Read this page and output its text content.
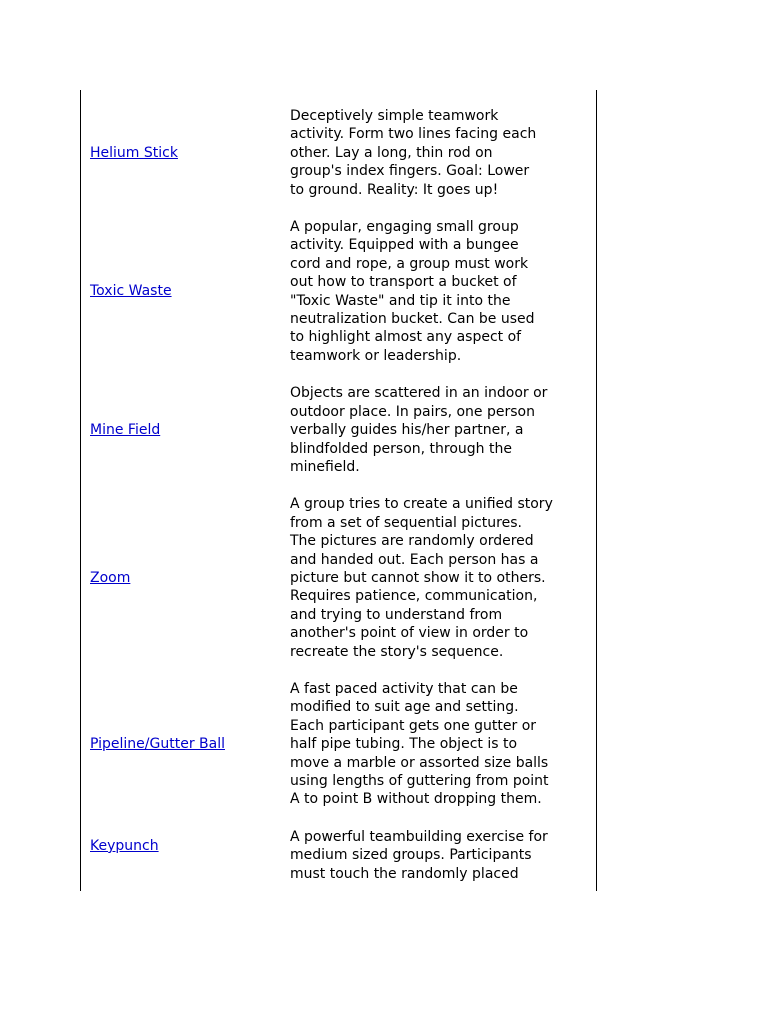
Helium Stick
Deceptively simple teamwork
activity. Form two lines facing each
other. Lay a long, thin rod on
group's index fingers. Goal: Lower
to ground. Reality: It goes up!
Toxic Waste
A popular, engaging small group
activity. Equipped with a bungee
cord and rope, a group must work
out how to transport a bucket of
"Toxic Waste" and tip it into the
neutralization bucket. Can be used
to highlight almost any aspect of
teamwork or leadership.
Mine Field
Objects are scattered in an indoor or
outdoor place. In pairs, one person
verbally guides his/her partner, a
blindfolded person, through the
minefield.
Zoom
A group tries to create a unified story
from a set of sequential pictures.
The pictures are randomly ordered
and handed out. Each person has a
picture but cannot show it to others.
Requires patience, communication,
and trying to understand from
another's point of view in order to
recreate the story's sequence.
Pipeline/Gutter Ball
A fast paced activity that can be
modified to suit age and setting.
Each participant gets one gutter or
half pipe tubing. The object is to
move a marble or assorted size balls
using lengths of guttering from point
A to point B without dropping them.
Keypunch
A powerful teambuilding exercise for
medium sized groups. Participants
must touch the randomly placed
